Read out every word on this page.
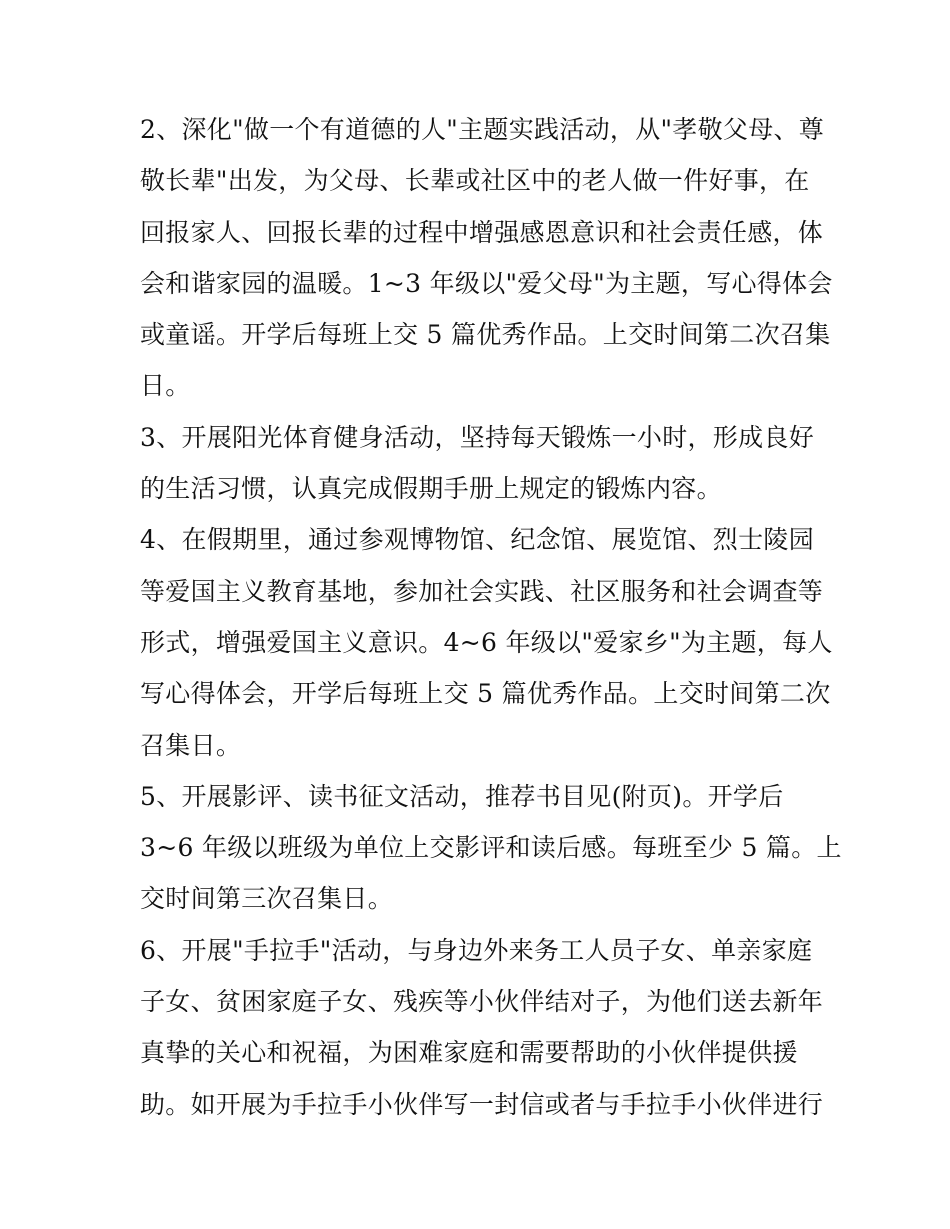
2、深化"做一个有道德的人"主题实践活动，从"孝敬父母、尊
敬长辈"出发，为父母、长辈或社区中的老人做一件好事，在
回报家人、回报长辈的过程中增强感恩意识和社会责任感，体
会和谐家园的温暖。1~3 年级以"爱父母"为主题，写心得体会
或童谣。开学后每班上交 5 篇优秀作品。上交时间第二次召集
日。
3、开展阳光体育健身活动，坚持每天锻炼一小时，形成良好
的生活习惯，认真完成假期手册上规定的锻炼内容。
4、在假期里，通过参观博物馆、纪念馆、展览馆、烈士陵园
等爱国主义教育基地，参加社会实践、社区服务和社会调查等
形式，增强爱国主义意识。4~6 年级以"爱家乡"为主题，每人
写心得体会，开学后每班上交 5 篇优秀作品。上交时间第二次
召集日。
5、开展影评、读书征文活动，推荐书目见(附页)。开学后
3~6 年级以班级为单位上交影评和读后感。每班至少 5 篇。上
交时间第三次召集日。
6、开展"手拉手"活动，与身边外来务工人员子女、单亲家庭
子女、贫困家庭子女、残疾等小伙伴结对子，为他们送去新年
真挚的关心和祝福，为困难家庭和需要帮助的小伙伴提供援
助。如开展为手拉手小伙伴写一封信或者与手拉手小伙伴进行
